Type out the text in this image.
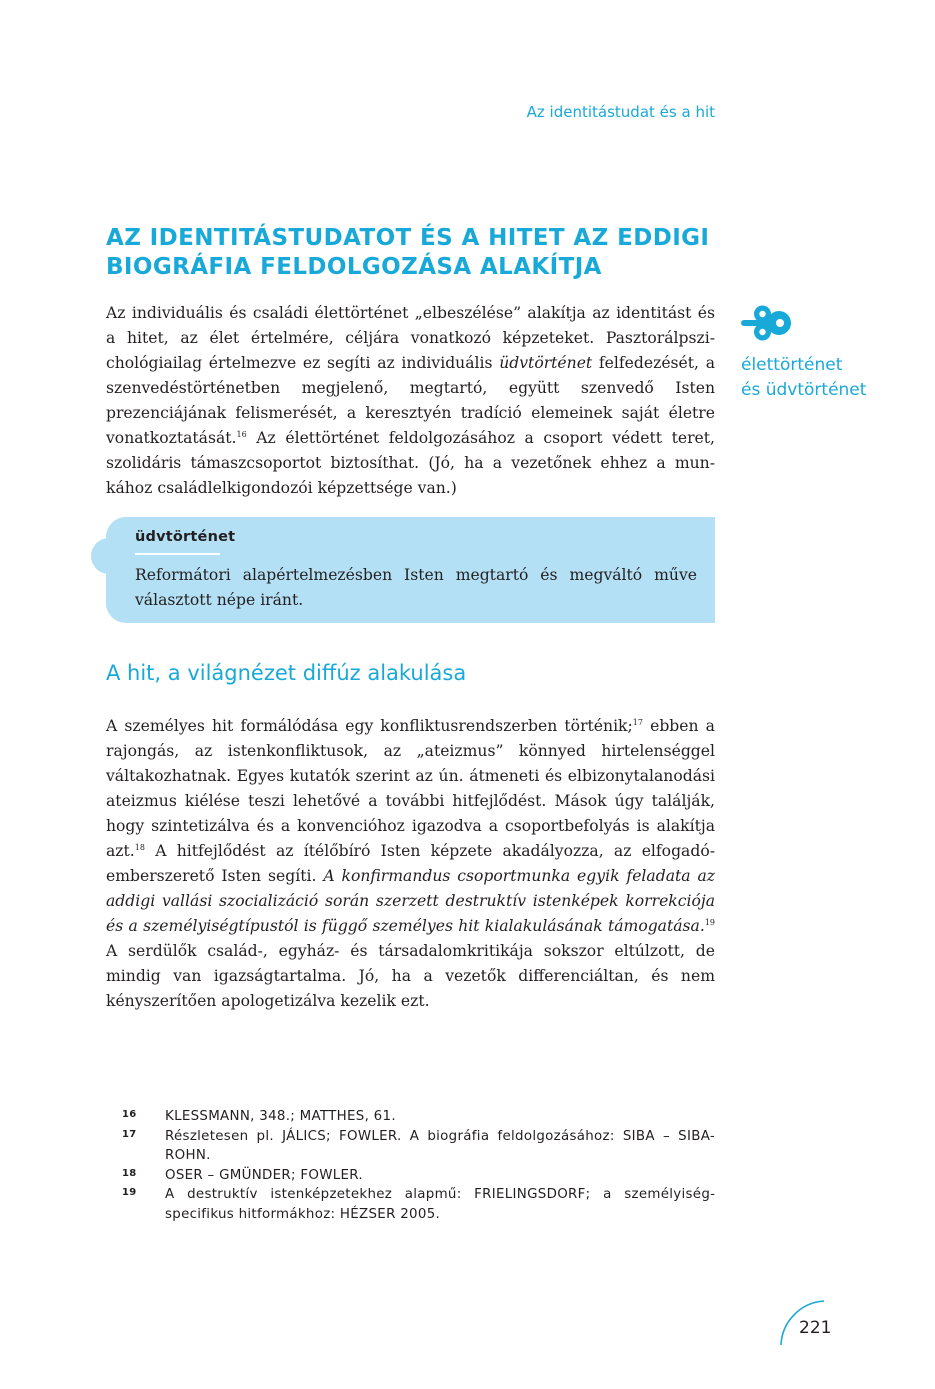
Az identitástudat és a hit
AZ IDENTITÁSTUDATOT ÉS A HITET AZ EDDIGI BIOGRÁFIA FELDOLGOZÁSA ALAKÍTJA

Az individuális és családi élettörténet „elbeszélése” alakítja az identitást és a hitet, az élet értelmére, céljára vonatkozó képzeteket. Pasztorálpszichológiailag értelmezve ez segíti az individuális üdvtörténet felfedezését, a szenvedéstörténetben megjelenő, megtartó, együtt szenvedő Isten prezenciájának felismerését, a keresztyén tradíció elemeinek saját életre vonatkoztatását.$^{16}$ Az élettörténet feldolgozásához a csoport védett teret, szolidáris támaszcsoportot biztosíthat. (Jó, ha a vezetőnek ehhez a munkához családlelkigondozói képzettsége van.)

élettörténet
és üdvtörténet
üdvtörténet

Reformátori alapértelmezésben Isten megtartó és megváltó műve választott népe iránt.

A hit, a világnézet diffúz alakulása

A személyes hit formálódása egy konfliktusrendszerben történik;$^{17}$ ebben a rajongás, az istenkonfliktusok, az „ateizmus” könnyed hirtelenséggel váltakozhatnak. Egyes kutatók szerint az ún. átmeneti és elbizonytalanodási ateizmus kiélése teszi lehetővé a további hitfejlődést. Mások úgy találják, hogy szintetizálva és a konvencióhoz igazodva a csoportbefolyás is alakítja azt.$^{18}$ A hitfejlődést az ítélőbíró Isten képzete akadályozza, az elfogadó-emberszerető Isten segíti. A konfirmandus csoportmunka egyik feladata az addigi vallási szocializáció során szerzett destruktív istenképek korrekciója és a személyiségtípustól is függő személyes hit kialakulásának támogatása.$^{19}$ A serdülők család-, egyház- és társadalomkritikája sokszor eltúlzott, de mindig van igazságtartalma. Jó, ha a vezetők differenciáltan, és nem kényszerítően apologetizálva kezelik ezt.

16	KLESSMANN, 348.; MATTHES, 61.
17	Részletesen pl. JÁLICS; FOWLER. A biográfia feldolgozásához: SIBA – SIBA-ROHN.
18	OSER – GMÜNDER; FOWLER.
19	A destruktív istenképzetekhez alapmű: FRIELINGSDORF; a személyiségspecifikus hitformákhoz: HÉZSER 2005.
221
